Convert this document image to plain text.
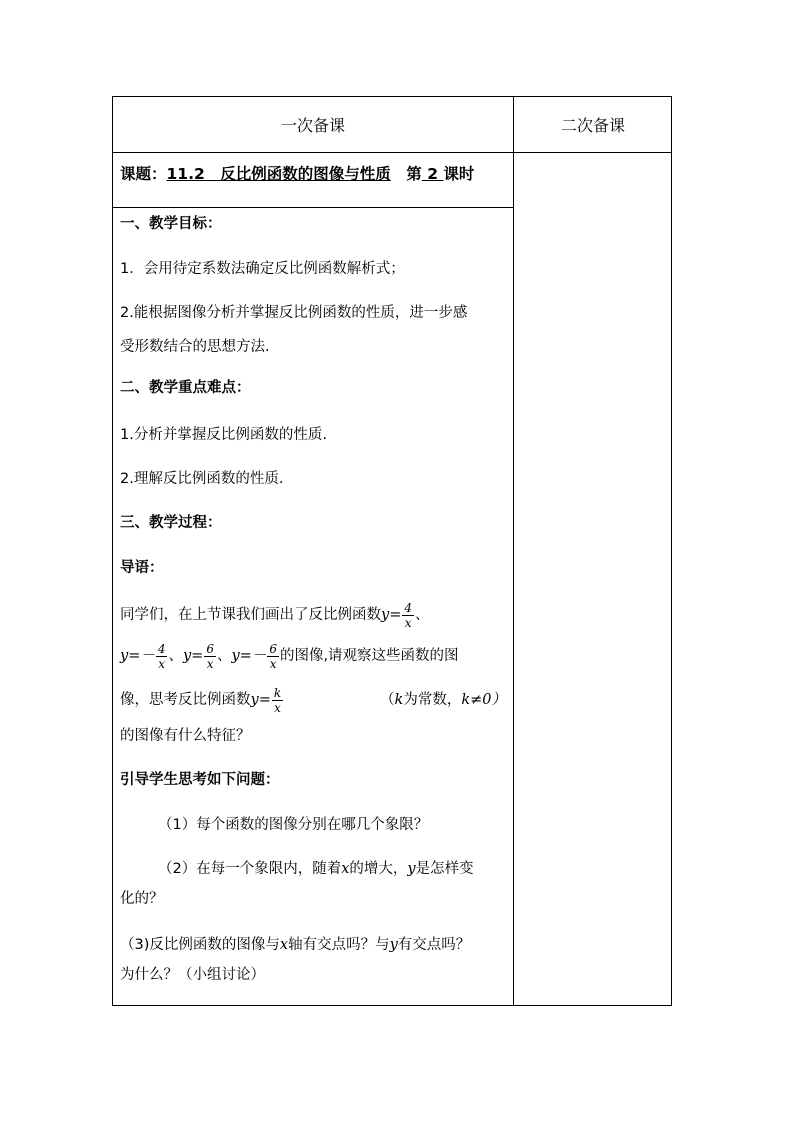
一次备课	二次备课
课题：11.2　反比例函数的图像与性质　 第 2 课时
一、教学目标：
1．会用待定系数法确定反比例函数解析式；
2.能根据图像分析并掌握反比例函数的性质，进一步感
受形数结合的思想方法.
二、教学重点难点：
1.分析并掌握反比例函数的性质.
2.理解反比例函数的性质.
三、教学过程：
导语：
同学们，在上节课我们画出了反比例函数$y= \frac{4}{x}$ 、
$y=- \frac{4}{x}$ 、$y= \frac{6}{x}$ 、$y=- \frac{6}{x}$ 的图像,请观察这些函数的图
像，思考反比例函数$y= \frac{k}{x}$	（k为常数，k≠0）
的图像有什么特征？
引导学生思考如下问题：
（1）每个函数的图像分别在哪几个象限？
（2）在每一个象限内，随着x的增大，y是怎样变
化的？
（3)反比例函数的图像与x轴有交点吗？与y有交点吗？
为什么？（小组讨论）
